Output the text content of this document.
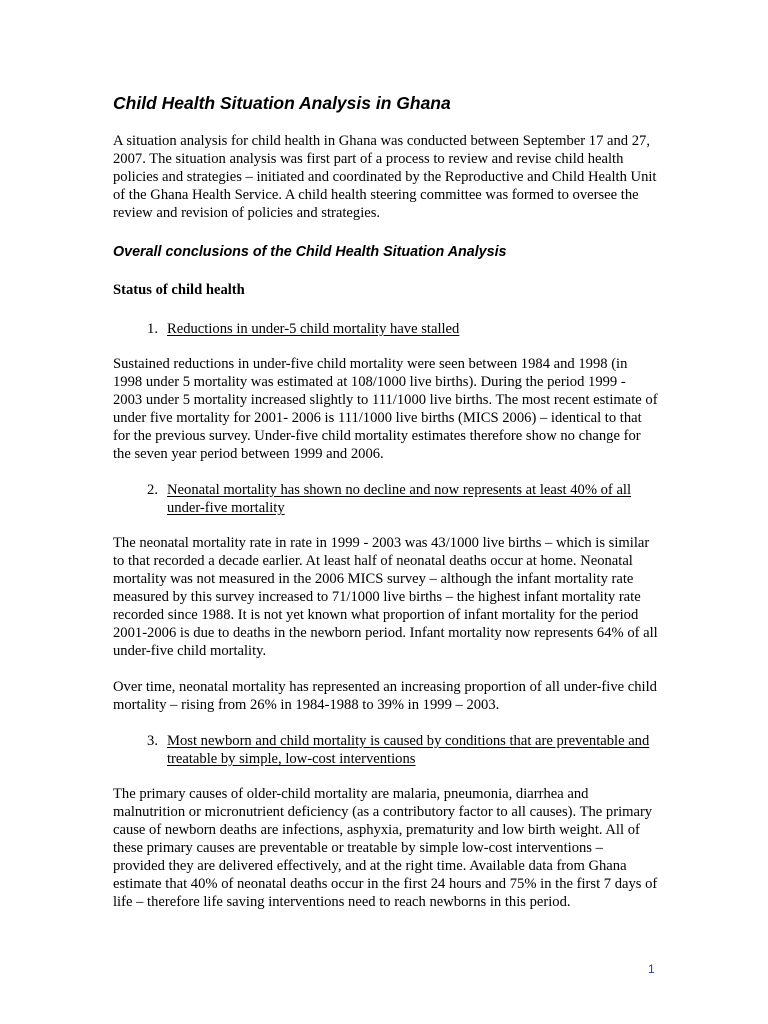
Child Health Situation Analysis in Ghana

A situation analysis for child health in Ghana was conducted between September 17 and 27, 2007. The situation analysis was first part of a process to review and revise child health policies and strategies – initiated and coordinated by the Reproductive and Child Health Unit of the Ghana Health Service. A child health steering committee was formed to oversee the review and revision of policies and strategies.

Overall conclusions of the Child Health Situation Analysis
Status of child health
1. Reductions in under-5 child mortality have stalled

Sustained reductions in under-five child mortality were seen between 1984 and 1998 (in 1998 under 5 mortality was estimated at 108/1000 live births). During the period 1999 - 2003 under 5 mortality increased slightly to 111/1000 live births. The most recent estimate of under five mortality for 2001- 2006 is 111/1000 live births (MICS 2006) – identical to that for the previous survey. Under-five child mortality estimates therefore show no change for the seven year period between 1999 and 2006.

2. Neonatal mortality has shown no decline and now represents at least 40% of all under-five mortality

The neonatal mortality rate in rate in 1999 - 2003 was 43/1000 live births – which is similar to that recorded a decade earlier. At least half of neonatal deaths occur at home. Neonatal mortality was not measured in the 2006 MICS survey – although the infant mortality rate measured by this survey increased to 71/1000 live births – the highest infant mortality rate recorded since 1988. It is not yet known what proportion of infant mortality for the period 2001-2006 is due to deaths in the newborn period. Infant mortality now represents 64% of all under-five child mortality.

Over time, neonatal mortality has represented an increasing proportion of all under-five child mortality – rising from 26% in 1984-1988 to 39% in 1999 – 2003.

3. Most newborn and child mortality is caused by conditions that are preventable and treatable by simple, low-cost interventions

The primary causes of older-child mortality are malaria, pneumonia, diarrhea and malnutrition or micronutrient deficiency (as a contributory factor to all causes). The primary cause of newborn deaths are infections, asphyxia, prematurity and low birth weight. All of these primary causes are preventable or treatable by simple low-cost interventions – provided they are delivered effectively, and at the right time. Available data from Ghana estimate that 40% of neonatal deaths occur in the first 24 hours and 75% in the first 7 days of life – therefore life saving interventions need to reach newborns in this period.

1
